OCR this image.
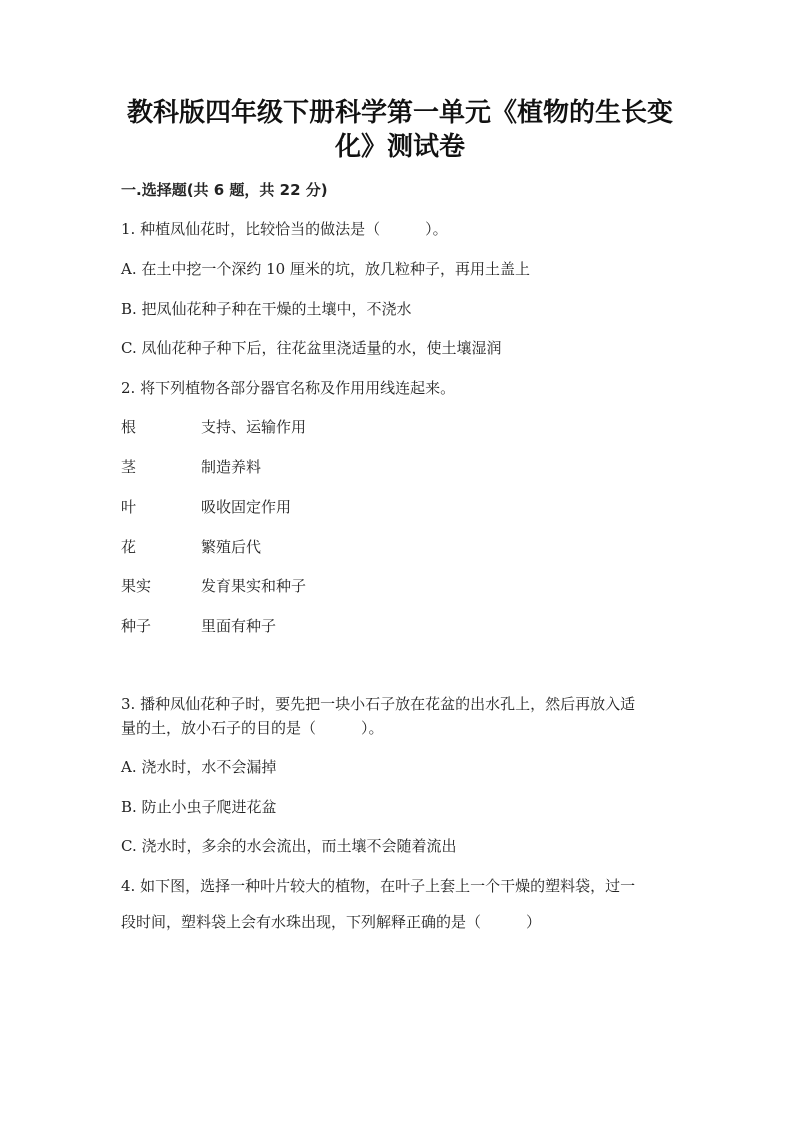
教科版四年级下册科学第一单元《植物的生长变
化》测试卷
一.选择题(共 6 题，共 22 分)
1. 种植凤仙花时，比较恰当的做法是（　　　）。
A. 在土中挖一个深约 10 厘米的坑，放几粒种子，再用土盖上
B. 把凤仙花种子种在干燥的土壤中，不浇水
C. 凤仙花种子种下后，往花盆里浇适量的水，使土壤湿润
2. 将下列植物各部分器官名称及作用用线连起来。
根	支持、运输作用
茎	制造养料
叶	吸收固定作用
花	繁殖后代
果实	发育果实和种子
种子	里面有种子
3. 播种凤仙花种子时，要先把一块小石子放在花盆的出水孔上，然后再放入适
量的土，放小石子的目的是（　　　）。
A. 浇水时，水不会漏掉
B. 防止小虫子爬进花盆
C. 浇水时，多余的水会流出，而土壤不会随着流出
4. 如下图，选择一种叶片较大的植物，在叶子上套上一个干燥的塑料袋，过一
段时间，塑料袋上会有水珠出现，下列解释正确的是（　　　）
